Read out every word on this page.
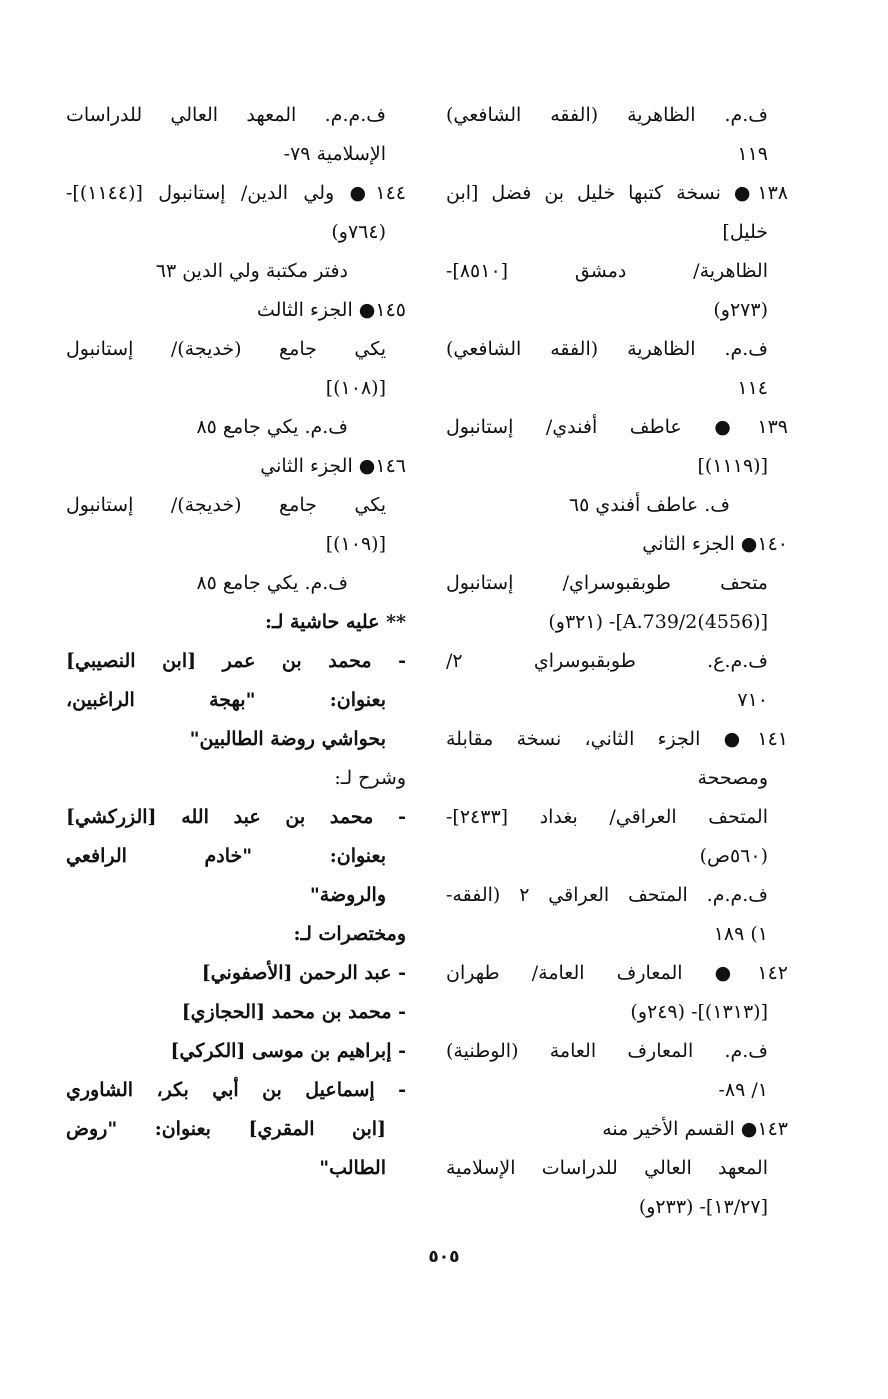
ف.م. الظاهرية (الفقه الشافعي)
١١٩
١٣٨● نسخة كتبها خليل بن فضل [ابن
خليل]
الظاهرية/ دمشق [٨٥١٠]-
(٢٧٣و)
ف.م. الظاهرية (الفقه الشافعي)
١١٤
١٣٩● عاطف أفندي/ إستانبول
[(١١١٩)]
ف. عاطف أفندي ٦٥
١٤٠● الجزء الثاني
متحف طوبقبوسراي/ إستانبول
[(4556)A.739/2]- (٣٢١و)
ف.م.ع. طوبقبوسراي ٢/
٧١٠
١٤١● الجزء الثاني، نسخة مقابلة
ومصححة
المتحف العراقي/ بغداد [٢٤٣٣]-
(٥٦٠ص)
ف.م.م. المتحف العراقي ٢ (الفقه-
١) ١٨٩
١٤٢● المعارف العامة/ طهران
[(١٣١٣)]- (٢٤٩و)
ف.م. المعارف العامة (الوطنية)
١/ ٨٩-
١٤٣● القسم الأخير منه
المعهد العالي للدراسات الإسلامية
[١٣/٢٧]- (٢٣٣و)
ف.م.م. المعهد العالي للدراسات
الإسلامية ٧٩-
١٤٤● ولي الدين/ إستانبول [(١١٤٤)]-
(٧٦٤و)
دفتر مكتبة ولي الدين ٦٣
١٤٥● الجزء الثالث
يكي جامع (خديجة)/ إستانبول
[(١٠٨)]
ف.م. يكي جامع ٨٥
١٤٦● الجزء الثاني
يكي جامع (خديجة)/ إستانبول
[(١٠٩)]
ف.م. يكي جامع ٨٥
** عليه حاشية لـ:
- محمد بن عمر [ابن النصيبي]
بعنوان: "بهجة الراغبين،
بحواشي روضة الطالبين"
وشرح لـ:
- محمد بن عبد الله [الزركشي]
بعنوان: "خادم الرافعي
والروضة"
ومختصرات لـ:
- عبد الرحمن [الأصفوني]
- محمد بن محمد [الحجازي]
- إبراهيم بن موسى [الكركي]
- إسماعيل بن أبي بكر، الشاوري
[ابن المقري] بعنوان: "روض
الطالب"
٥٠٥
